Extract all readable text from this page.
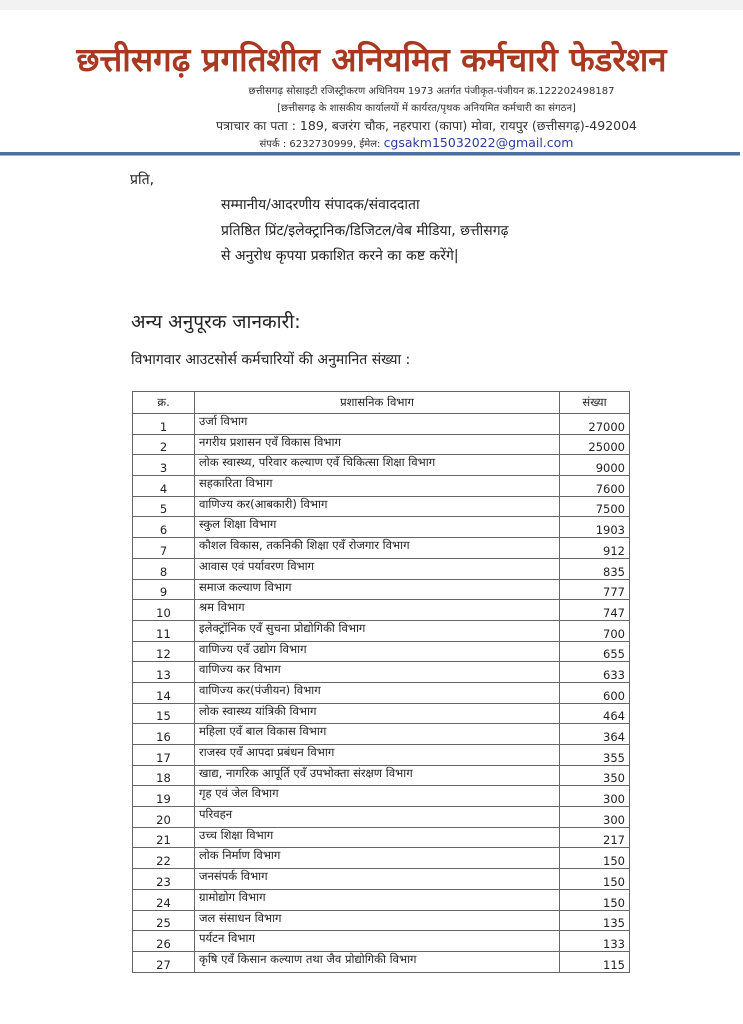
छत्तीसगढ़ प्रगतिशील अनियमित कर्मचारी फेडरेशन
छत्तीसगढ़ सोसाइटी रजिस्ट्रीकरण अधिनियम 1973 अतर्गत पंजीकृत-पंजीयन क्र.122202498187
[छत्तीसगढ़ के शासकीय कार्यालयों में कार्यरत/पृथक अनियमित कर्मचारी का संगठन]
पत्राचार का पता : 189, बजरंग चौक, नहरपारा (कापा) मोवा, रायपुर (छत्तीसगढ़)-492004
संपर्क : 6232730999, ईमेल: cgsakm15032022@gmail.com
प्रति,
सम्मानीय/आदरणीय संपादक/संवाददाता
प्रतिष्ठित प्रिंट/इलेक्ट्रानिक/डिजिटल/वेब मीडिया, छत्तीसगढ़
से अनुरोध कृपया प्रकाशित करने का कष्ट करेंगे|
अन्य अनुपूरक जानकारी:
विभागवार आउटसोर्स कर्मचारियों की अनुमानित संख्या :
क्र.	प्रशासनिक विभाग	संख्या
1	उर्जा विभाग	27000
2	नगरीय प्रशासन एवँ विकास विभाग	25000
3	लोक स्वास्थ्य, परिवार कल्याण एवँ चिकित्सा शिक्षा विभाग	9000
4	सहकारिता विभाग	7600
5	वाणिज्य कर(आबकारी) विभाग	7500
6	स्कुल शिक्षा विभाग	1903
7	कौशल विकास, तकनिकी शिक्षा एवँ रोजगार विभाग	912
8	आवास एवं पर्यावरण विभाग	835
9	समाज कल्याण विभाग	777
10	श्रम विभाग	747
11	इलेक्ट्रॉनिक एवँ सुचना प्रोद्योगिकी विभाग	700
12	वाणिज्य एवँ उद्योग विभाग	655
13	वाणिज्य कर विभाग	633
14	वाणिज्य कर(पंजीयन) विभाग	600
15	लोक स्वास्थ्य यांत्रिकी विभाग	464
16	महिला एवँ बाल विकास विभाग	364
17	राजस्व एवँ आपदा प्रबंधन विभाग	355
18	खाद्य, नागरिक आपूर्ति एवँ उपभोक्ता संरक्षण विभाग	350
19	गृह एवं जेल विभाग	300
20	परिवहन	300
21	उच्च शिक्षा विभाग	217
22	लोक निर्माण विभाग	150
23	जनसंपर्क विभाग	150
24	ग्रामोद्योग विभाग	150
25	जल संसाधन विभाग	135
26	पर्यटन विभाग	133
27	कृषि एवँ किसान कल्याण तथा जैव प्रोद्योगिकी विभाग	115
